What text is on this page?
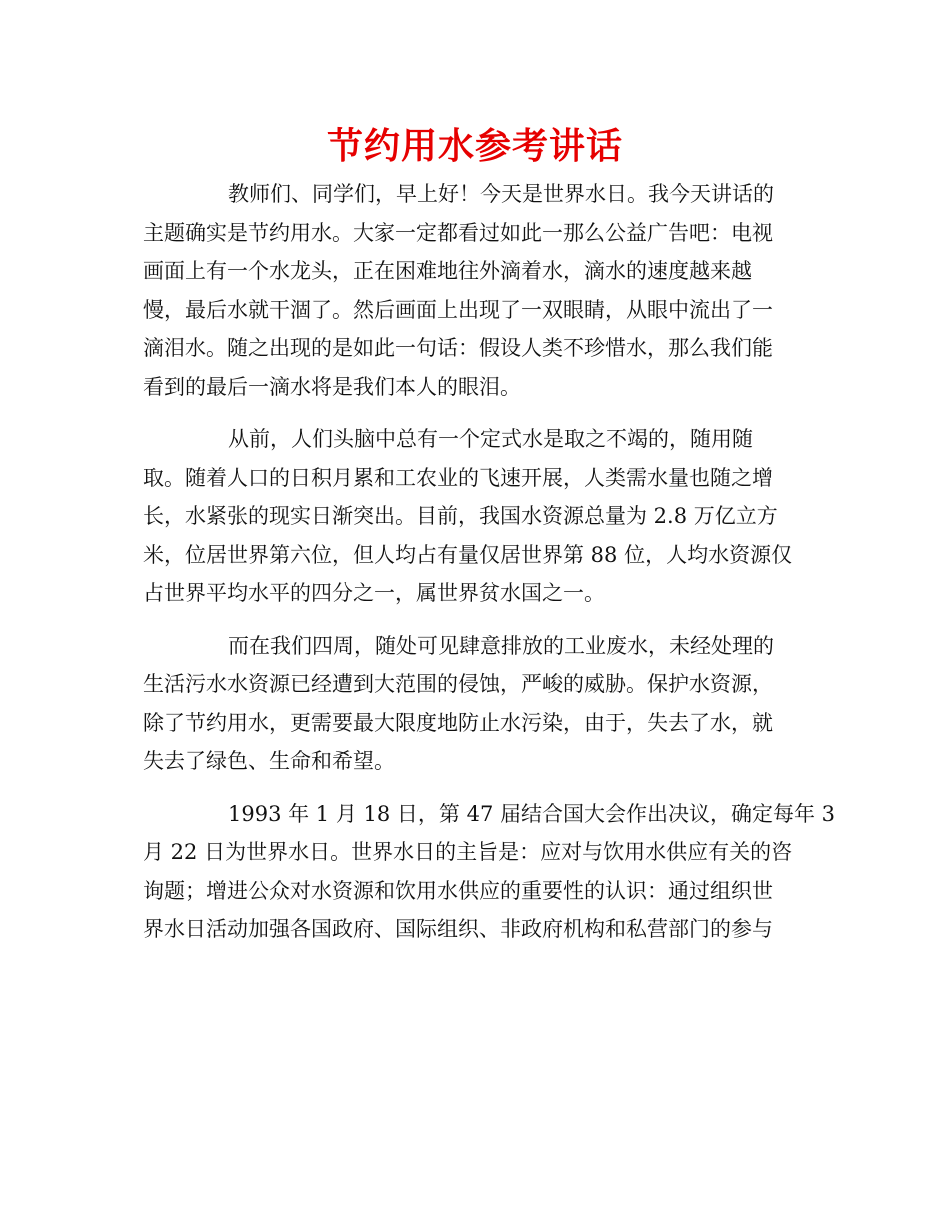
节约用水参考讲话
教师们、同学们，早上好！今天是世界水日。我今天讲话的
主题确实是节约用水。大家一定都看过如此一那么公益广告吧：电视
画面上有一个水龙头，正在困难地往外滴着水，滴水的速度越来越
慢，最后水就干涸了。然后画面上出现了一双眼睛，从眼中流出了一
滴泪水。随之出现的是如此一句话：假设人类不珍惜水，那么我们能
看到的最后一滴水将是我们本人的眼泪。
从前，人们头脑中总有一个定式水是取之不竭的，随用随
取。随着人口的日积月累和工农业的飞速开展，人类需水量也随之增
长，水紧张的现实日渐突出。目前，我国水资源总量为 2.8 万亿立方
米，位居世界第六位，但人均占有量仅居世界第 88 位，人均水资源仅
占世界平均水平的四分之一，属世界贫水国之一。
而在我们四周，随处可见肆意排放的工业废水，未经处理的
生活污水水资源已经遭到大范围的侵蚀，严峻的威胁。保护水资源，
除了节约用水，更需要最大限度地防止水污染，由于，失去了水，就
失去了绿色、生命和希望。
1993 年 1 月 18 日，第 47 届结合国大会作出决议，确定每年 3
月 22 日为世界水日。世界水日的主旨是：应对与饮用水供应有关的咨
询题；增进公众对水资源和饮用水供应的重要性的认识：通过组织世
界水日活动加强各国政府、国际组织、非政府机构和私营部门的参与
